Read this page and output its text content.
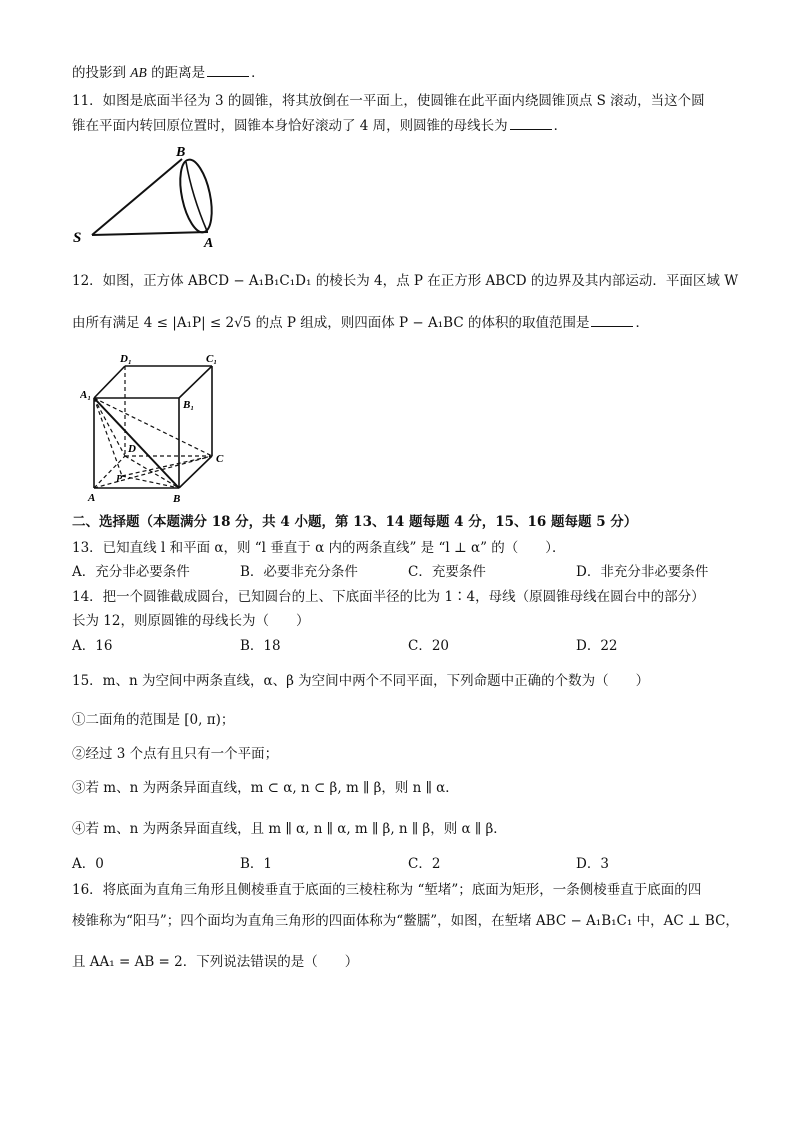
的投影到 AB 的距离是	．
11．如图是底面半径为 3 的圆锥，将其放倒在一平面上，使圆锥在此平面内绕圆锥顶点 S 滚动，当这个圆
锥在平面内转回原位置时，圆锥本身恰好滚动了 4 周，则圆锥的母线长为	．
B
S	A
12．如图，正方体 ABCD − A₁B₁C₁D₁ 的棱长为 4，点 P 在正方形 ABCD 的边界及其内部运动．平面区域 W
由所有满足 4 ≤ |A₁P| ≤ 2√5 的点 P 组成，则四面体 P − A₁BC 的体积的取值范围是	．
D₁	C₁
A₁
B₁
D
C
A
P
B
二、选择题（本题满分 18 分，共 4 小题，第 13、14 题每题 4 分，15、16 题每题 5 分）
13．已知直线 l 和平面 α，则 “l 垂直于 α 内的两条直线” 是 “l ⊥ α” 的（　　）．
A．充分非必要条件	B．必要非充分条件	C．充要条件	D．非充分非必要条件
14．把一个圆锥截成圆台，已知圆台的上、下底面半径的比为 1∶4，母线（原圆锥母线在圆台中的部分）
长为 12，则原圆锥的母线长为（　　）
A．16	B．18	C．20	D．22
15．m、n 为空间中两条直线，α、β 为空间中两个不同平面，下列命题中正确的个数为（　　）
①二面角的范围是 [0, π)；
②经过 3 个点有且只有一个平面；
③若 m、n 为两条异面直线，m ⊂ α, n ⊂ β, m ∥ β，则 n ∥ α．
④若 m、n 为两条异面直线，且 m ∥ α, n ∥ α, m ∥ β, n ∥ β，则 α ∥ β．
A．0	B．1	C．2	D．3
16．将底面为直角三角形且侧棱垂直于底面的三棱柱称为 “堑堵”；底面为矩形，一条侧棱垂直于底面的四
棱锥称为“阳马”；四个面均为直角三角形的四面体称为“鳖臑”，如图，在堑堵 ABC − A₁B₁C₁ 中，AC ⊥ BC，
且 AA₁ = AB = 2．下列说法错误的是（　　）
